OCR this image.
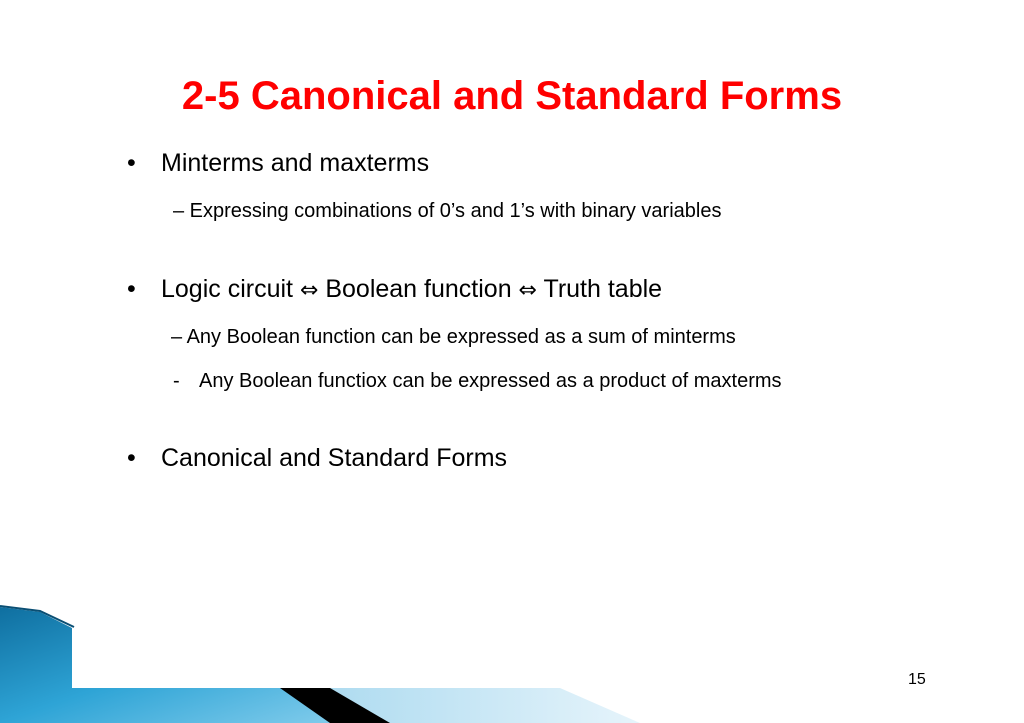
2-5 Canonical and Standard Forms
• Minterms and maxterms
– Expressing combinations of 0’s and 1’s with binary variables
• Logic circuit ⇔ Boolean function ⇔ Truth table
– Any Boolean function can be expressed as a sum of minterms
- Any Boolean functiox can be expressed as a product of maxterms
• Canonical and Standard Forms
15
